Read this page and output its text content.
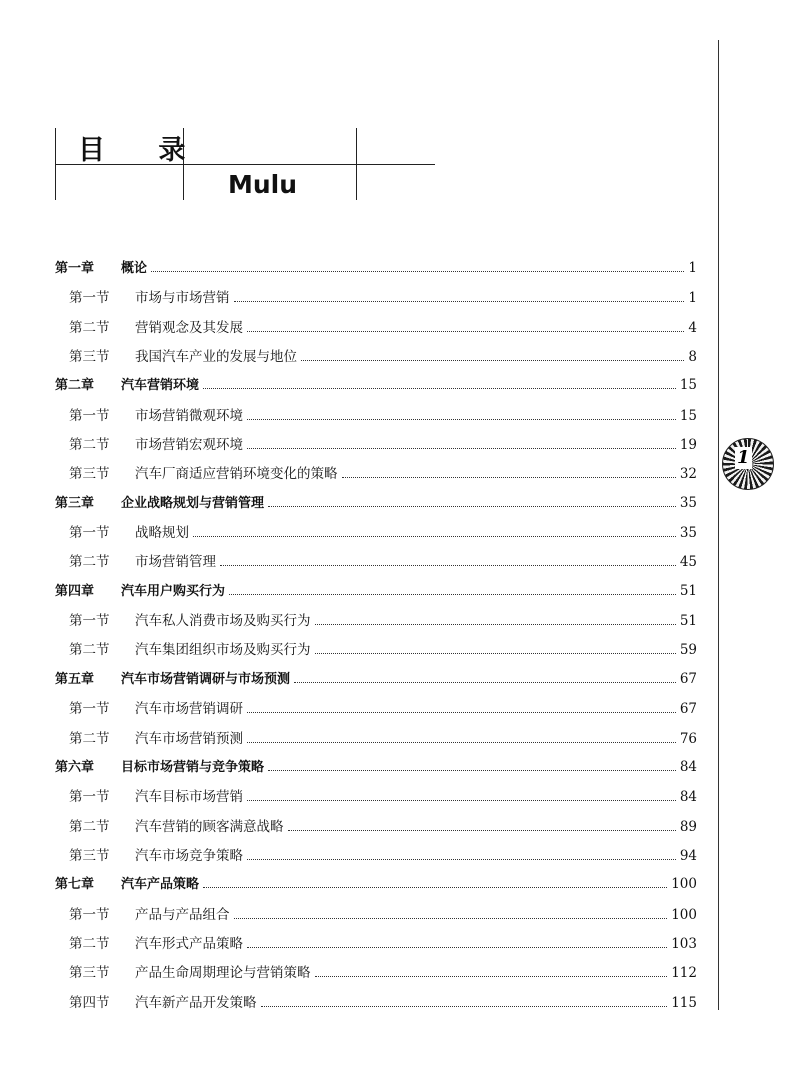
目 录
Mulu
1
第一章	概论	1
第一节	市场与市场营销	1
第二节	营销观念及其发展	4
第三节	我国汽车产业的发展与地位	8
第二章	汽车营销环境	15
第一节	市场营销微观环境	15
第二节	市场营销宏观环境	19
第三节	汽车厂商适应营销环境变化的策略	32
第三章	企业战略规划与营销管理	35
第一节	战略规划	35
第二节	市场营销管理	45
第四章	汽车用户购买行为	51
第一节	汽车私人消费市场及购买行为	51
第二节	汽车集团组织市场及购买行为	59
第五章	汽车市场营销调研与市场预测	67
第一节	汽车市场营销调研	67
第二节	汽车市场营销预测	76
第六章	目标市场营销与竞争策略	84
第一节	汽车目标市场营销	84
第二节	汽车营销的顾客满意战略	89
第三节	汽车市场竞争策略	94
第七章	汽车产品策略	100
第一节	产品与产品组合	100
第二节	汽车形式产品策略	103
第三节	产品生命周期理论与营销策略	112
第四节	汽车新产品开发策略	115
